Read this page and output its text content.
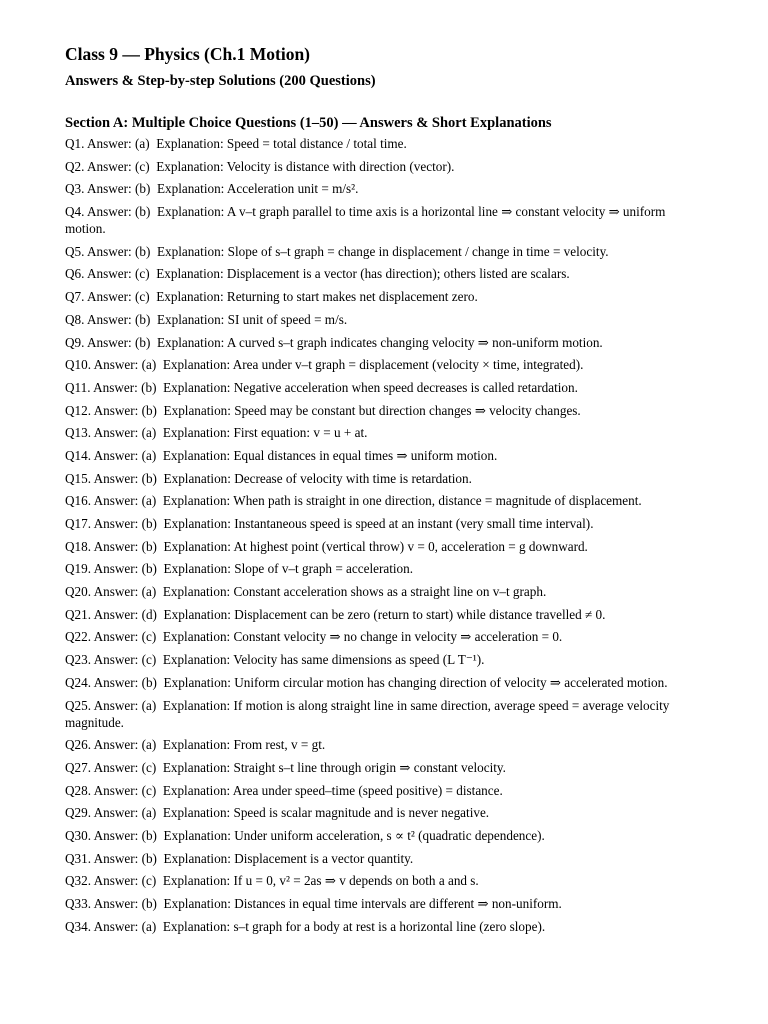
Class 9 — Physics (Ch.1 Motion)
Answers & Step-by-step Solutions (200 Questions)
Section A: Multiple Choice Questions (1–50) — Answers & Short Explanations

Q1. Answer: (a) Explanation: Speed = total distance / total time.

Q2. Answer: (c) Explanation: Velocity is distance with direction (vector).

Q3. Answer: (b) Explanation: Acceleration unit = m/s².

Q4. Answer: (b) Explanation: A v–t graph parallel to time axis is a horizontal line ⇒ constant velocity ⇒ uniform motion.

Q5. Answer: (b) Explanation: Slope of s–t graph = change in displacement / change in time = velocity.

Q6. Answer: (c) Explanation: Displacement is a vector (has direction); others listed are scalars.

Q7. Answer: (c) Explanation: Returning to start makes net displacement zero.

Q8. Answer: (b) Explanation: SI unit of speed = m/s.

Q9. Answer: (b) Explanation: A curved s–t graph indicates changing velocity ⇒ non-uniform motion.

Q10. Answer: (a) Explanation: Area under v–t graph = displacement (velocity × time, integrated).

Q11. Answer: (b) Explanation: Negative acceleration when speed decreases is called retardation.

Q12. Answer: (b) Explanation: Speed may be constant but direction changes ⇒ velocity changes.

Q13. Answer: (a) Explanation: First equation: v = u + at.

Q14. Answer: (a) Explanation: Equal distances in equal times ⇒ uniform motion.

Q15. Answer: (b) Explanation: Decrease of velocity with time is retardation.

Q16. Answer: (a) Explanation: When path is straight in one direction, distance = magnitude of displacement.

Q17. Answer: (b) Explanation: Instantaneous speed is speed at an instant (very small time interval).

Q18. Answer: (b) Explanation: At highest point (vertical throw) v = 0, acceleration = g downward.

Q19. Answer: (b) Explanation: Slope of v–t graph = acceleration.

Q20. Answer: (a) Explanation: Constant acceleration shows as a straight line on v–t graph.

Q21. Answer: (d) Explanation: Displacement can be zero (return to start) while distance travelled ≠ 0.

Q22. Answer: (c) Explanation: Constant velocity ⇒ no change in velocity ⇒ acceleration = 0.

Q23. Answer: (c) Explanation: Velocity has same dimensions as speed (L T⁻¹).

Q24. Answer: (b) Explanation: Uniform circular motion has changing direction of velocity ⇒ accelerated motion.

Q25. Answer: (a) Explanation: If motion is along straight line in same direction, average speed = average velocity magnitude.

Q26. Answer: (a) Explanation: From rest, v = gt.

Q27. Answer: (c) Explanation: Straight s–t line through origin ⇒ constant velocity.

Q28. Answer: (c) Explanation: Area under speed–time (speed positive) = distance.

Q29. Answer: (a) Explanation: Speed is scalar magnitude and is never negative.

Q30. Answer: (b) Explanation: Under uniform acceleration, s ∝ t² (quadratic dependence).

Q31. Answer: (b) Explanation: Displacement is a vector quantity.

Q32. Answer: (c) Explanation: If u = 0, v² = 2as ⇒ v depends on both a and s.

Q33. Answer: (b) Explanation: Distances in equal time intervals are different ⇒ non-uniform.

Q34. Answer: (a) Explanation: s–t graph for a body at rest is a horizontal line (zero slope).
